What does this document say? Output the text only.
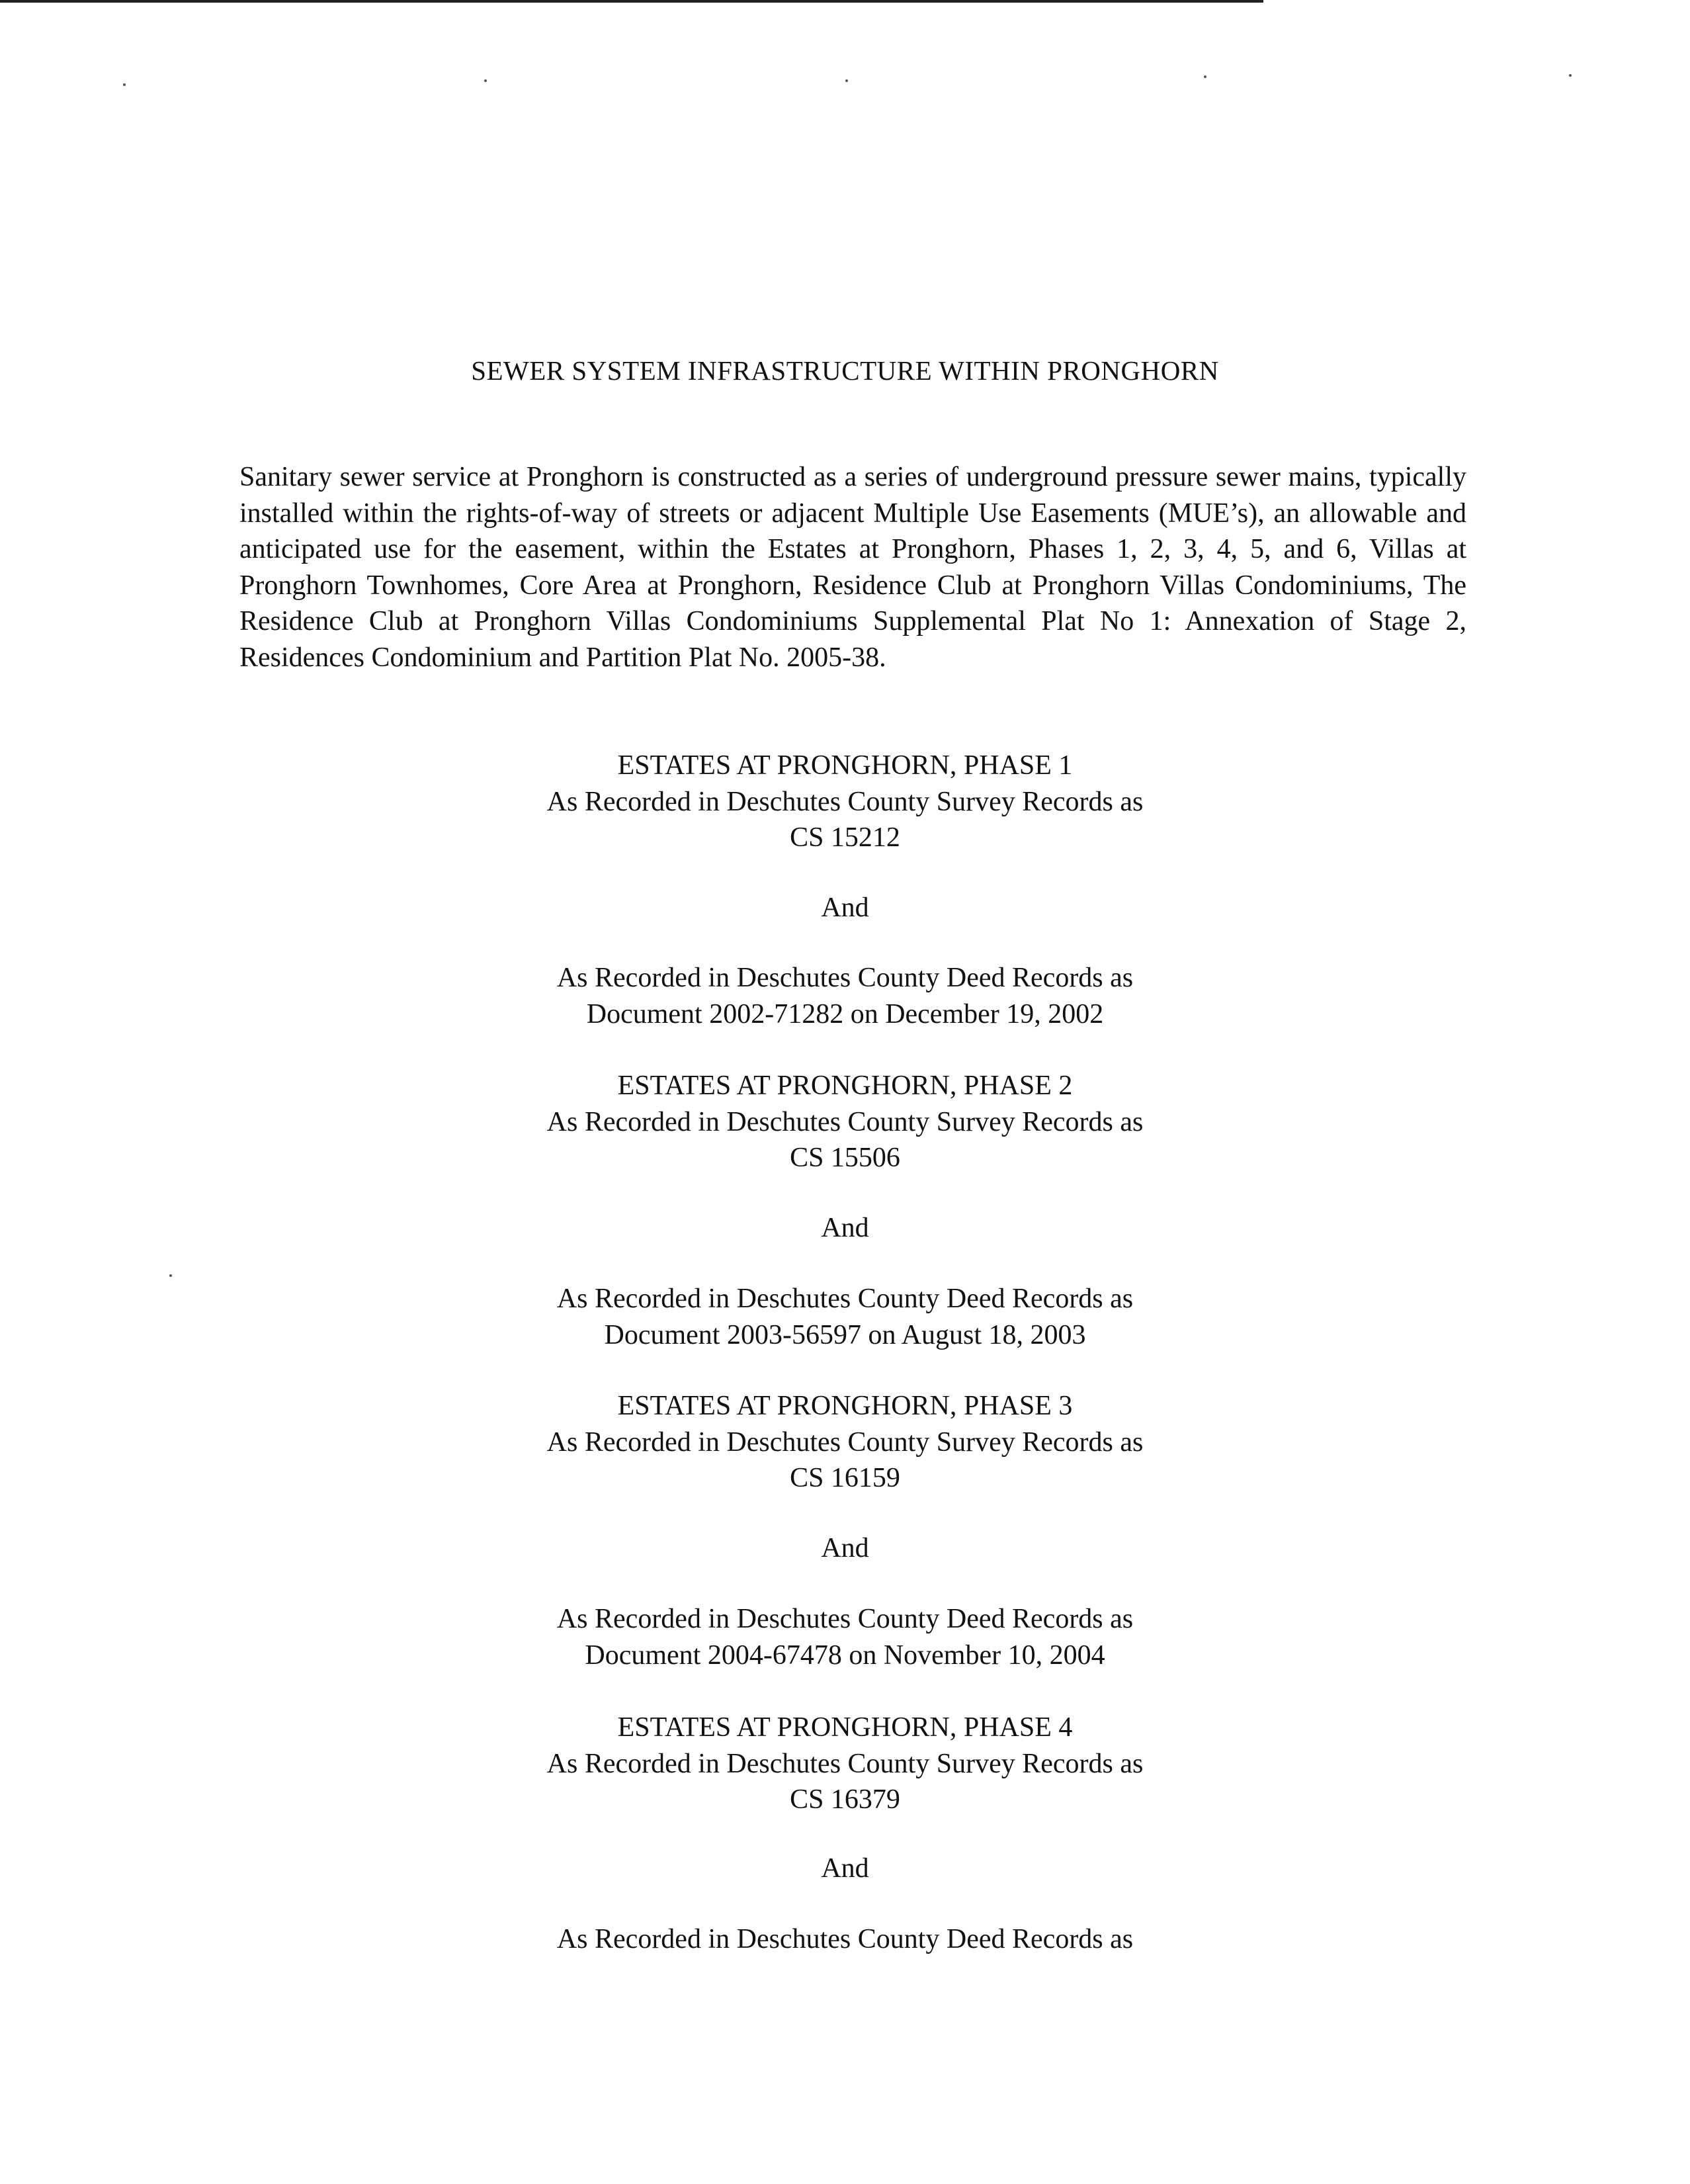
SEWER SYSTEM INFRASTRUCTURE WITHIN PRONGHORN

Sanitary sewer service at Pronghorn is constructed as a series of underground pressure sewer mains, typically installed within the rights-of-way of streets or adjacent Multiple Use Easements (MUE’s), an allowable and anticipated use for the easement, within the Estates at Pronghorn, Phases 1, 2, 3, 4, 5, and 6, Villas at Pronghorn Townhomes, Core Area at Pronghorn, Residence Club at Pronghorn Villas Condominiums, The Residence Club at Pronghorn Villas Condominiums Supplemental Plat No 1: Annexation of Stage 2, Residences Condominium and Partition Plat No. 2005-38.

ESTATES AT PRONGHORN, PHASE 1
As Recorded in Deschutes County Survey Records as
CS 15212
And
As Recorded in Deschutes County Deed Records as
Document 2002-71282 on December 19, 2002
ESTATES AT PRONGHORN, PHASE 2
As Recorded in Deschutes County Survey Records as
CS 15506
And
As Recorded in Deschutes County Deed Records as
Document 2003-56597 on August 18, 2003
ESTATES AT PRONGHORN, PHASE 3
As Recorded in Deschutes County Survey Records as
CS 16159
And
As Recorded in Deschutes County Deed Records as
Document 2004-67478 on November 10, 2004
ESTATES AT PRONGHORN, PHASE 4
As Recorded in Deschutes County Survey Records as
CS 16379
And
As Recorded in Deschutes County Deed Records as
